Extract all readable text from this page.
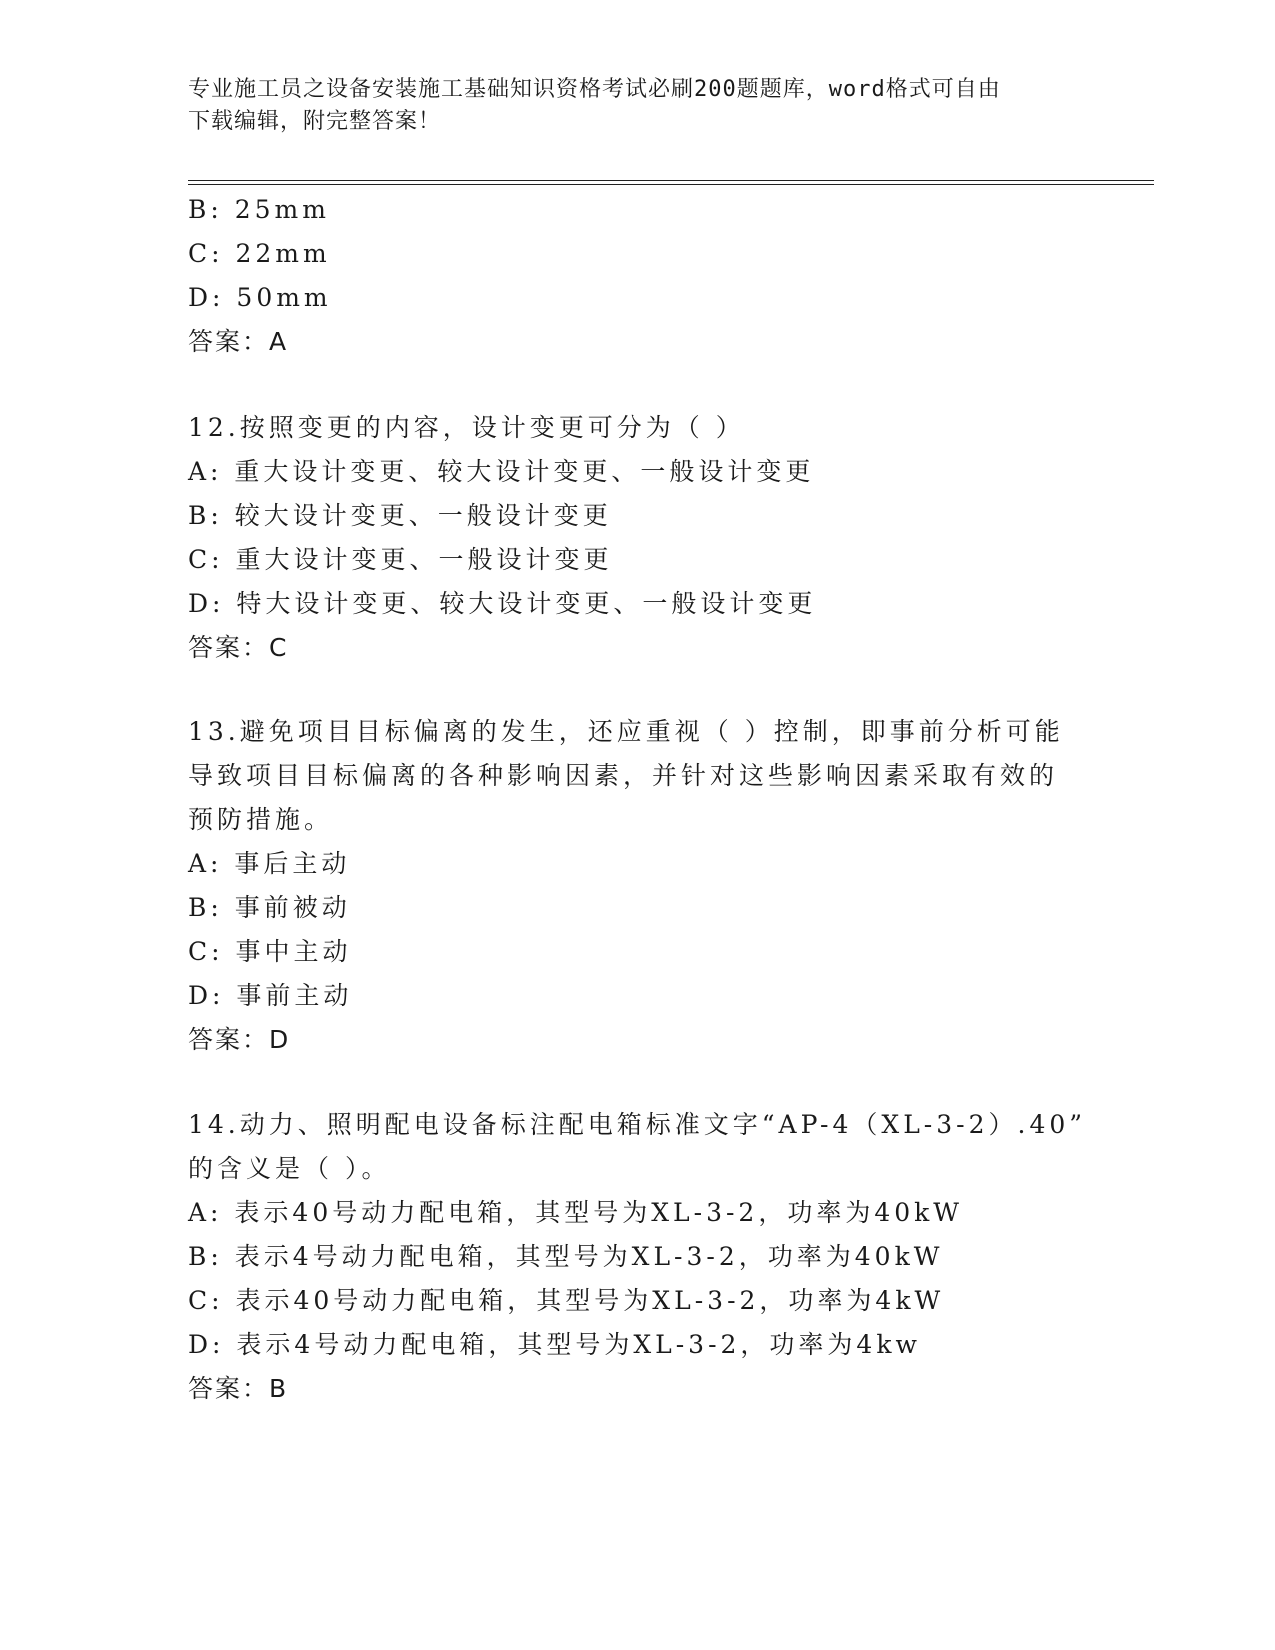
专业施工员之设备安装施工基础知识资格考试必刷200题题库，word格式可自由
下载编辑，附完整答案！
B: 25mm
C: 22mm
D: 50mm
答案：A
12.按照变更的内容，设计变更可分为（ ）
A: 重大设计变更、较大设计变更、一般设计变更
B: 较大设计变更、一般设计变更
C: 重大设计变更、一般设计变更
D: 特大设计变更、较大设计变更、一般设计变更
答案：C
13.避免项目目标偏离的发生，还应重视（ ）控制，即事前分析可能
导致项目目标偏离的各种影响因素，并针对这些影响因素采取有效的
预防措施。
A: 事后主动
B: 事前被动
C: 事中主动
D: 事前主动
答案：D
14.动力、照明配电设备标注配电箱标准文字“AP-4（XL-3-2）.40”
的含义是（ ）。
A: 表示40号动力配电箱，其型号为XL-3-2，功率为40kW
B: 表示4号动力配电箱，其型号为XL-3-2，功率为40kW
C: 表示40号动力配电箱，其型号为XL-3-2，功率为4kW
D: 表示4号动力配电箱，其型号为XL-3-2，功率为4kw
答案：B
